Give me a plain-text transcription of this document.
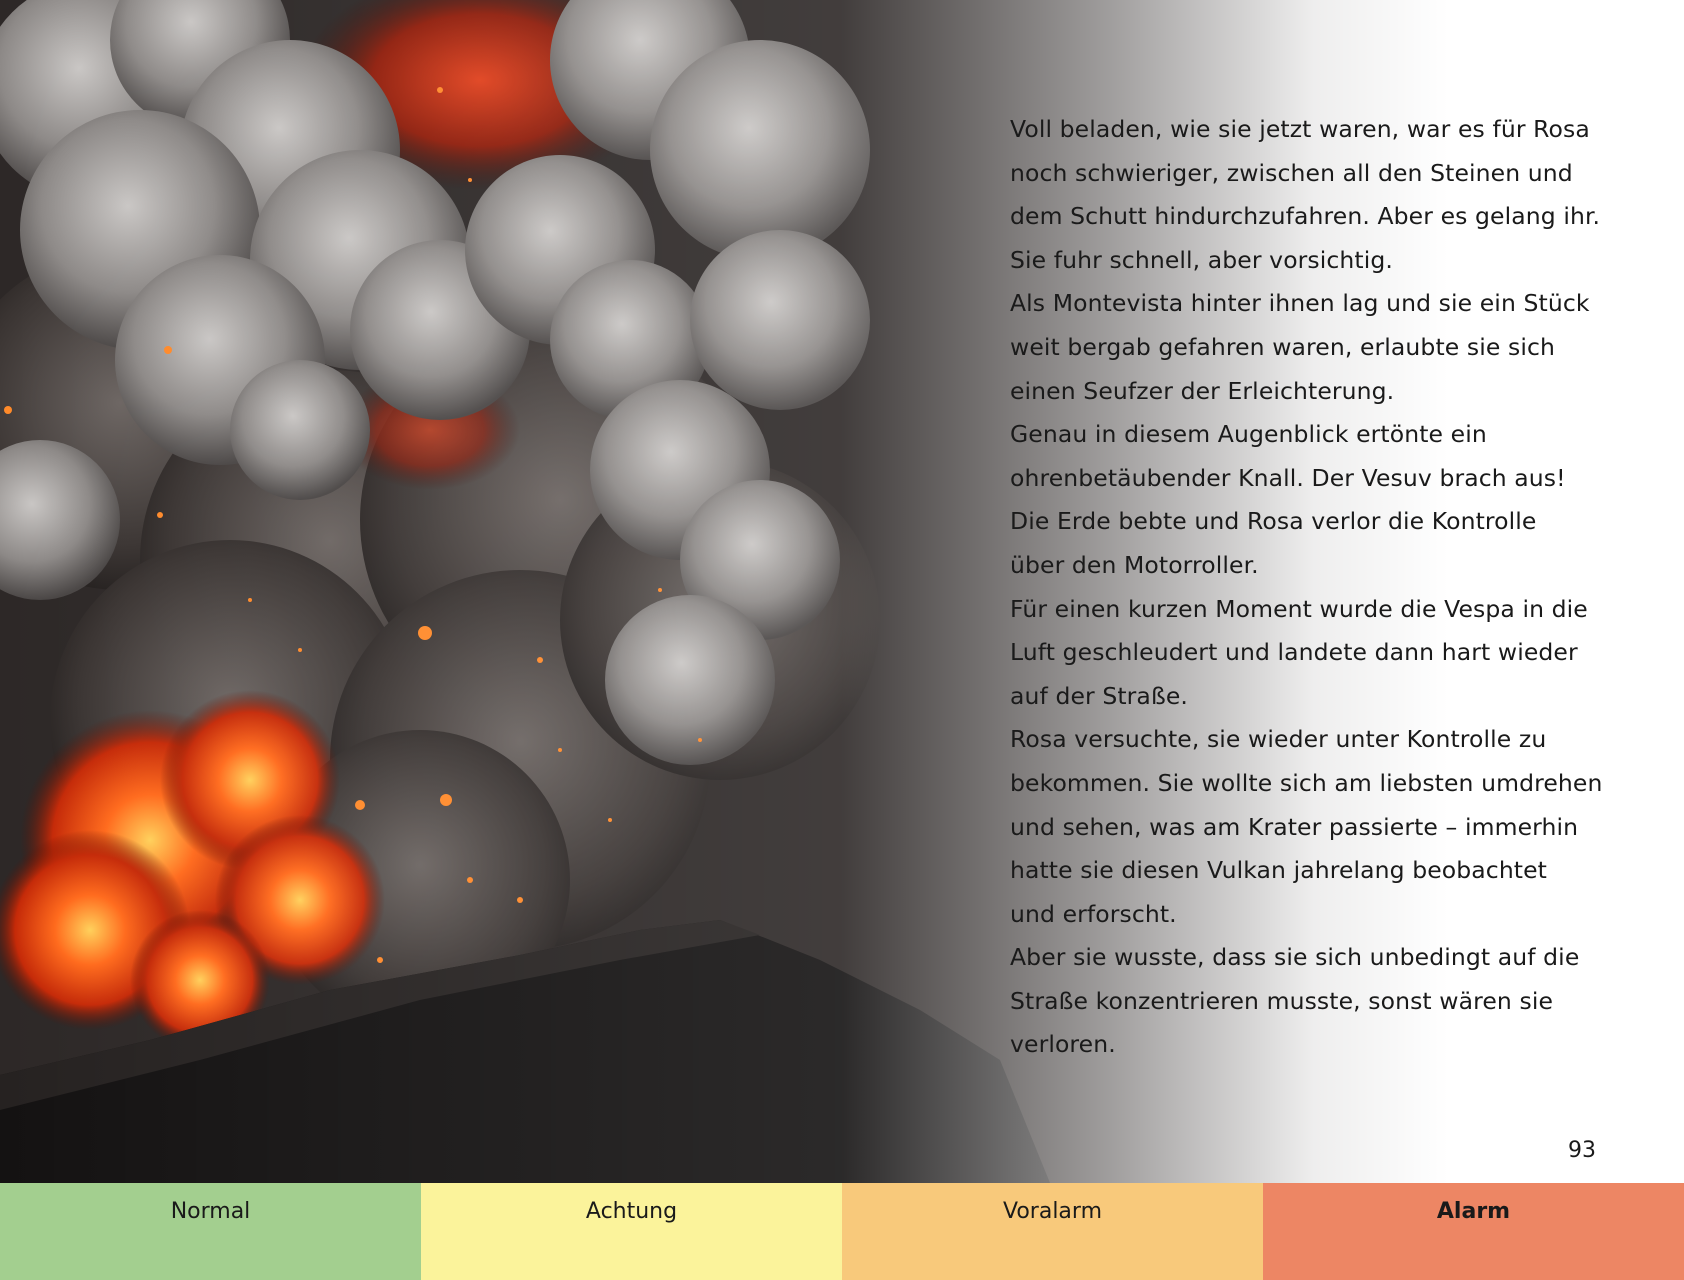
Voll beladen, wie sie jetzt waren, war es für Rosa
noch schwieriger, zwischen all den Steinen und
dem Schutt hindurchzufahren. Aber es gelang ihr.
Sie fuhr schnell, aber vorsichtig.
Als Montevista hinter ihnen lag und sie ein Stück
weit bergab gefahren waren, erlaubte sie sich
einen Seufzer der Erleichterung.
Genau in diesem Augenblick ertönte ein
ohrenbetäubender Knall. Der Vesuv brach aus!
Die Erde bebte und Rosa verlor die Kontrolle
über den Motorroller.
Für einen kurzen Moment wurde die Vespa in die
Luft geschleudert und landete dann hart wieder
auf der Straße.
Rosa versuchte, sie wieder unter Kontrolle zu
bekommen. Sie wollte sich am liebsten umdrehen
und sehen, was am Krater passierte – immerhin
hatte sie diesen Vulkan jahrelang beobachtet
und erforscht.
Aber sie wusste, dass sie sich unbedingt auf die
Straße konzentrieren musste, sonst wären sie
verloren.
93
Normal	Achtung	Voralarm	Alarm
